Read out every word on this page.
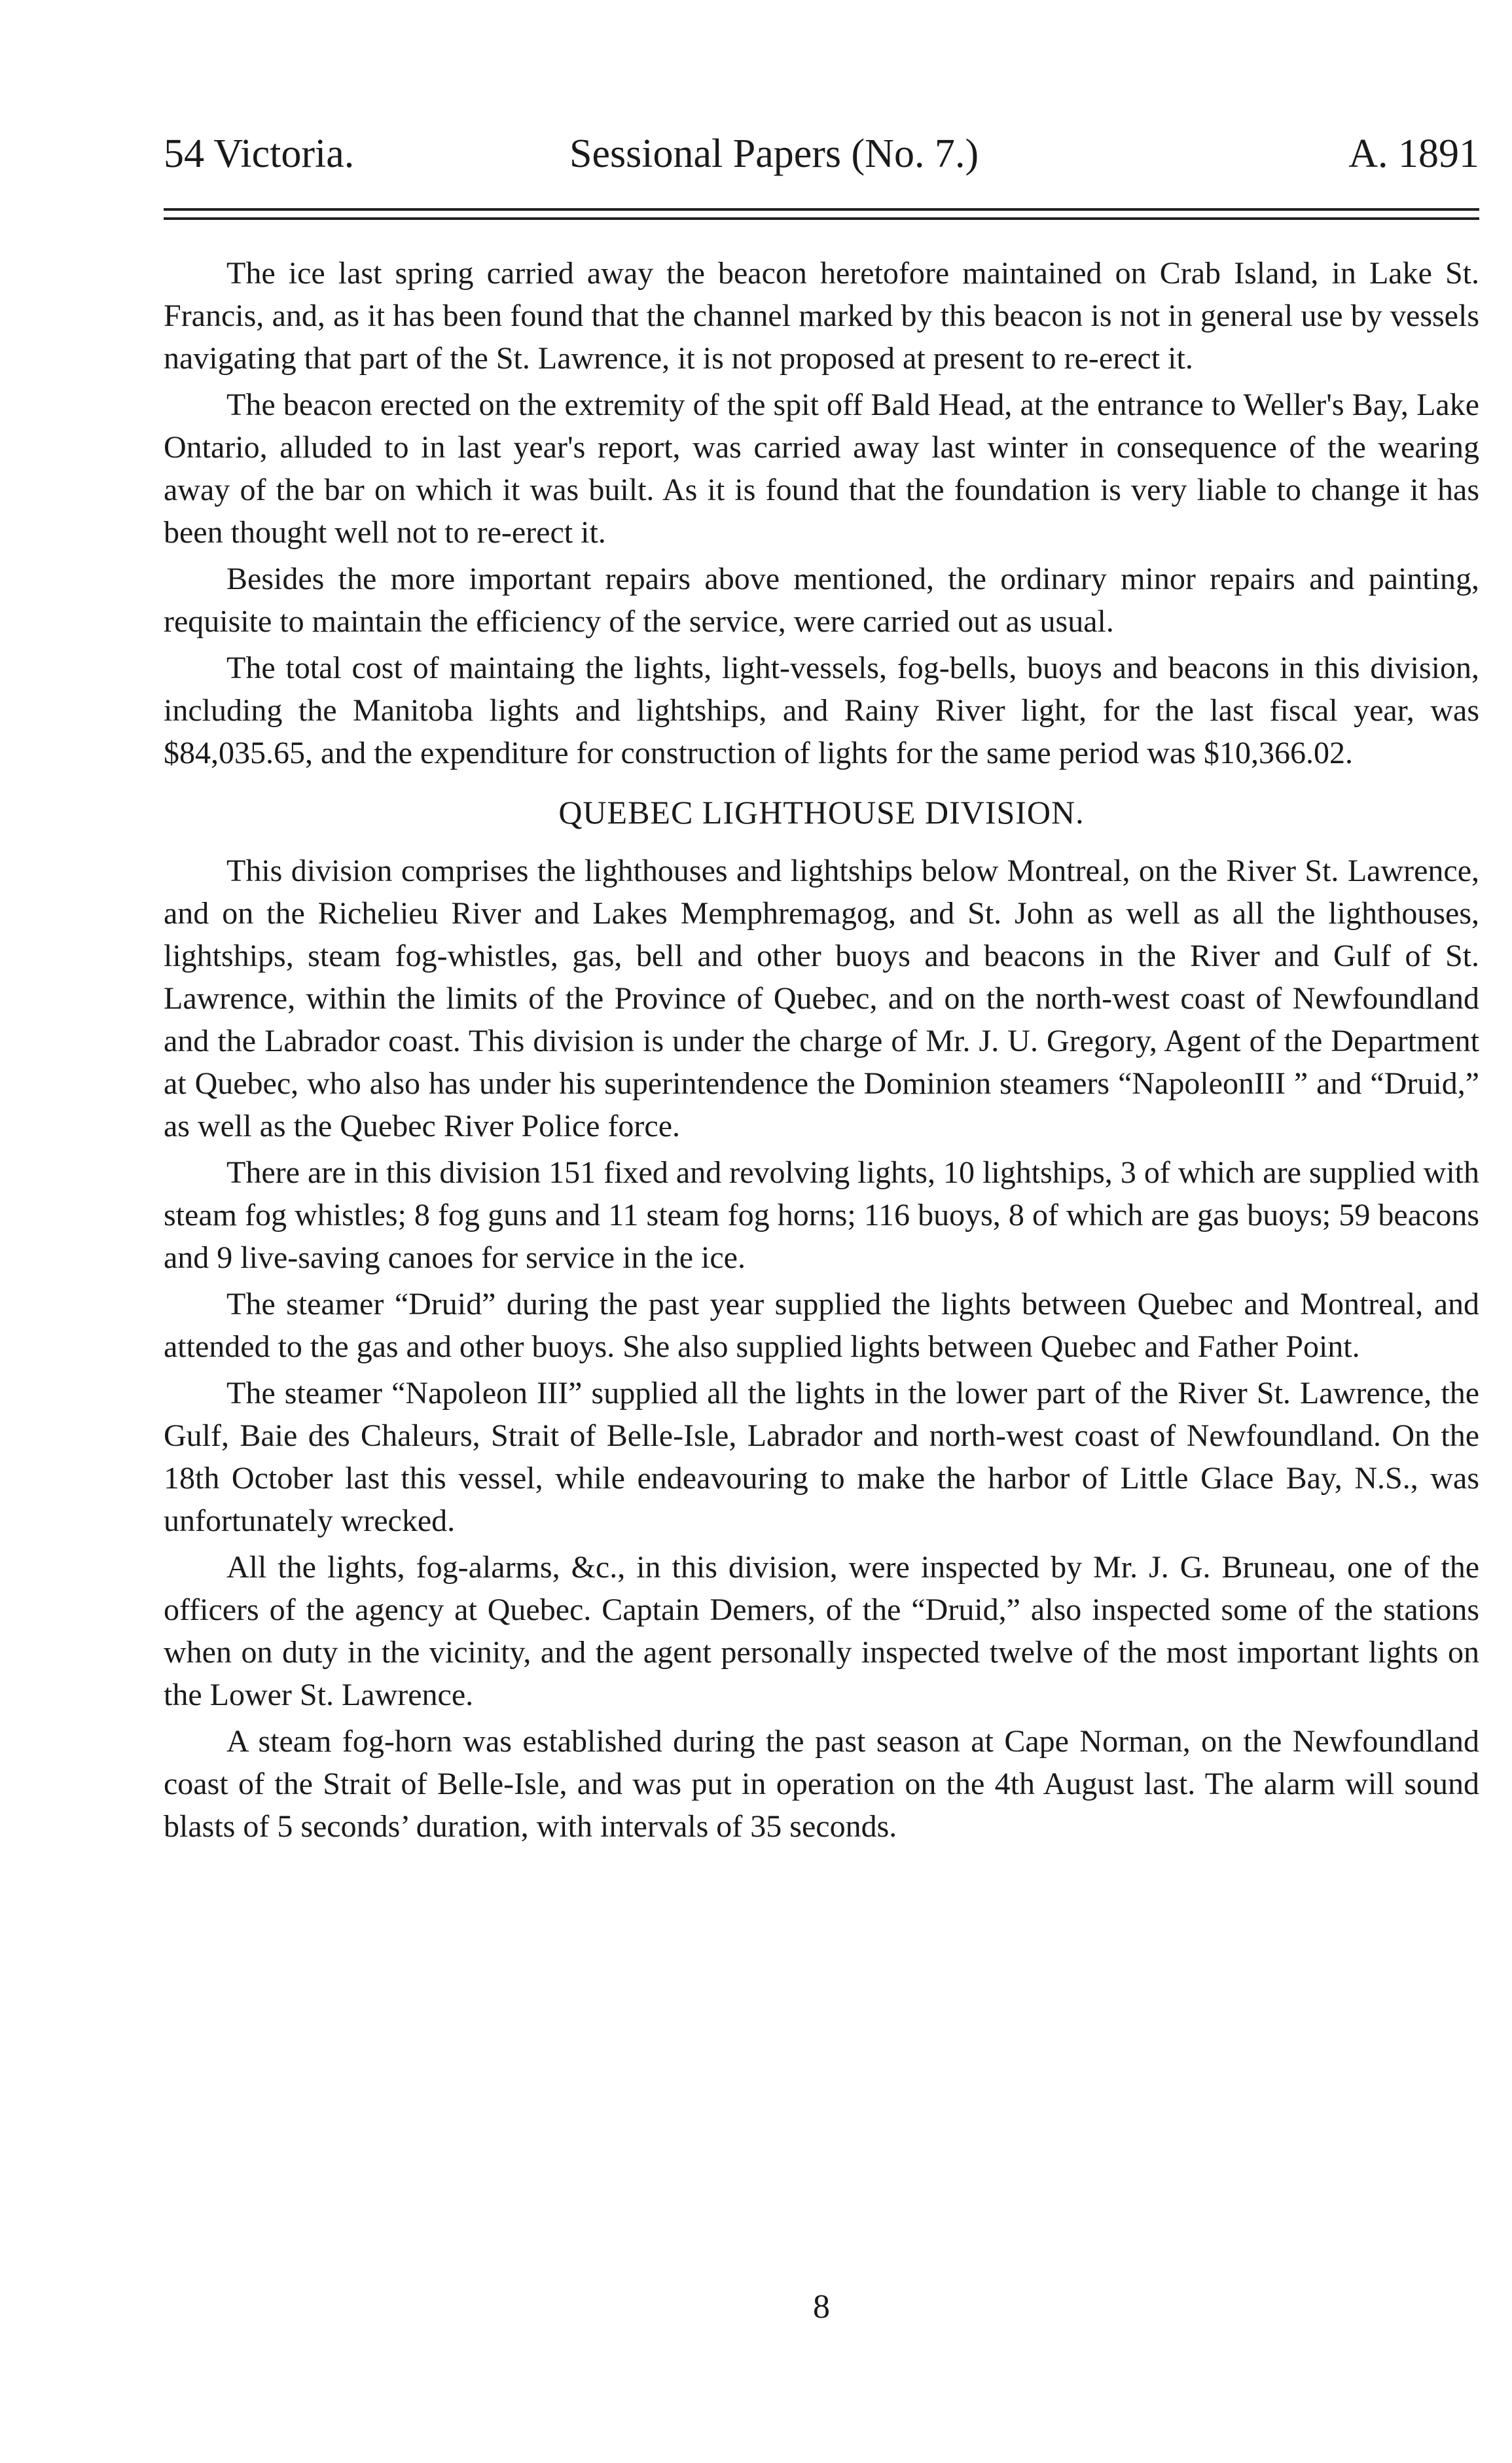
54 Victoria.	Sessional Papers (No. 7.)	A. 1891

The ice last spring carried away the beacon heretofore maintained on Crab Island, in Lake St. Francis, and, as it has been found that the channel marked by this beacon is not in general use by vessels navigating that part of the St. Lawrence, it is not proposed at present to re-erect it.

The beacon erected on the extremity of the spit off Bald Head, at the entrance to Weller's Bay, Lake Ontario, alluded to in last year's report, was carried away last winter in consequence of the wearing away of the bar on which it was built. As it is found that the foundation is very liable to change it has been thought well not to re-erect it.

Besides the more important repairs above mentioned, the ordinary minor repairs and painting, requisite to maintain the efficiency of the service, were carried out as usual.

The total cost of maintaing the lights, light-vessels, fog-bells, buoys and beacons in this division, including the Manitoba lights and lightships, and Rainy River light, for the last fiscal year, was $84,035.65, and the expenditure for construction of lights for the same period was $10,366.02.

QUEBEC LIGHTHOUSE DIVISION.

This division comprises the lighthouses and lightships below Montreal, on the River St. Lawrence, and on the Richelieu River and Lakes Memphremagog, and St. John as well as all the lighthouses, lightships, steam fog-whistles, gas, bell and other buoys and beacons in the River and Gulf of St. Lawrence, within the limits of the Province of Quebec, and on the north-west coast of Newfoundland and the Labrador coast. This division is under the charge of Mr. J. U. Gregory, Agent of the Department at Quebec, who also has under his superintendence the Dominion steamers “NapoleonIII ” and “Druid,” as well as the Quebec River Police force.

There are in this division 151 fixed and revolving lights, 10 lightships, 3 of which are supplied with steam fog whistles; 8 fog guns and 11 steam fog horns; 116 buoys, 8 of which are gas buoys; 59 beacons and 9 live-saving canoes for service in the ice.

The steamer “Druid” during the past year supplied the lights between Quebec and Montreal, and attended to the gas and other buoys. She also supplied lights between Quebec and Father Point.

The steamer “Napoleon III” supplied all the lights in the lower part of the River St. Lawrence, the Gulf, Baie des Chaleurs, Strait of Belle-Isle, Labrador and north-west coast of Newfoundland. On the 18th October last this vessel, while endeavouring to make the harbor of Little Glace Bay, N.S., was unfortunately wrecked.

All the lights, fog-alarms, &c., in this division, were inspected by Mr. J. G. Bruneau, one of the officers of the agency at Quebec. Captain Demers, of the “Druid,” also inspected some of the stations when on duty in the vicinity, and the agent personally inspected twelve of the most important lights on the Lower St. Lawrence.

A steam fog-horn was established during the past season at Cape Norman, on the Newfoundland coast of the Strait of Belle-Isle, and was put in operation on the 4th August last. The alarm will sound blasts of 5 seconds’ duration, with intervals of 35 seconds.

8
